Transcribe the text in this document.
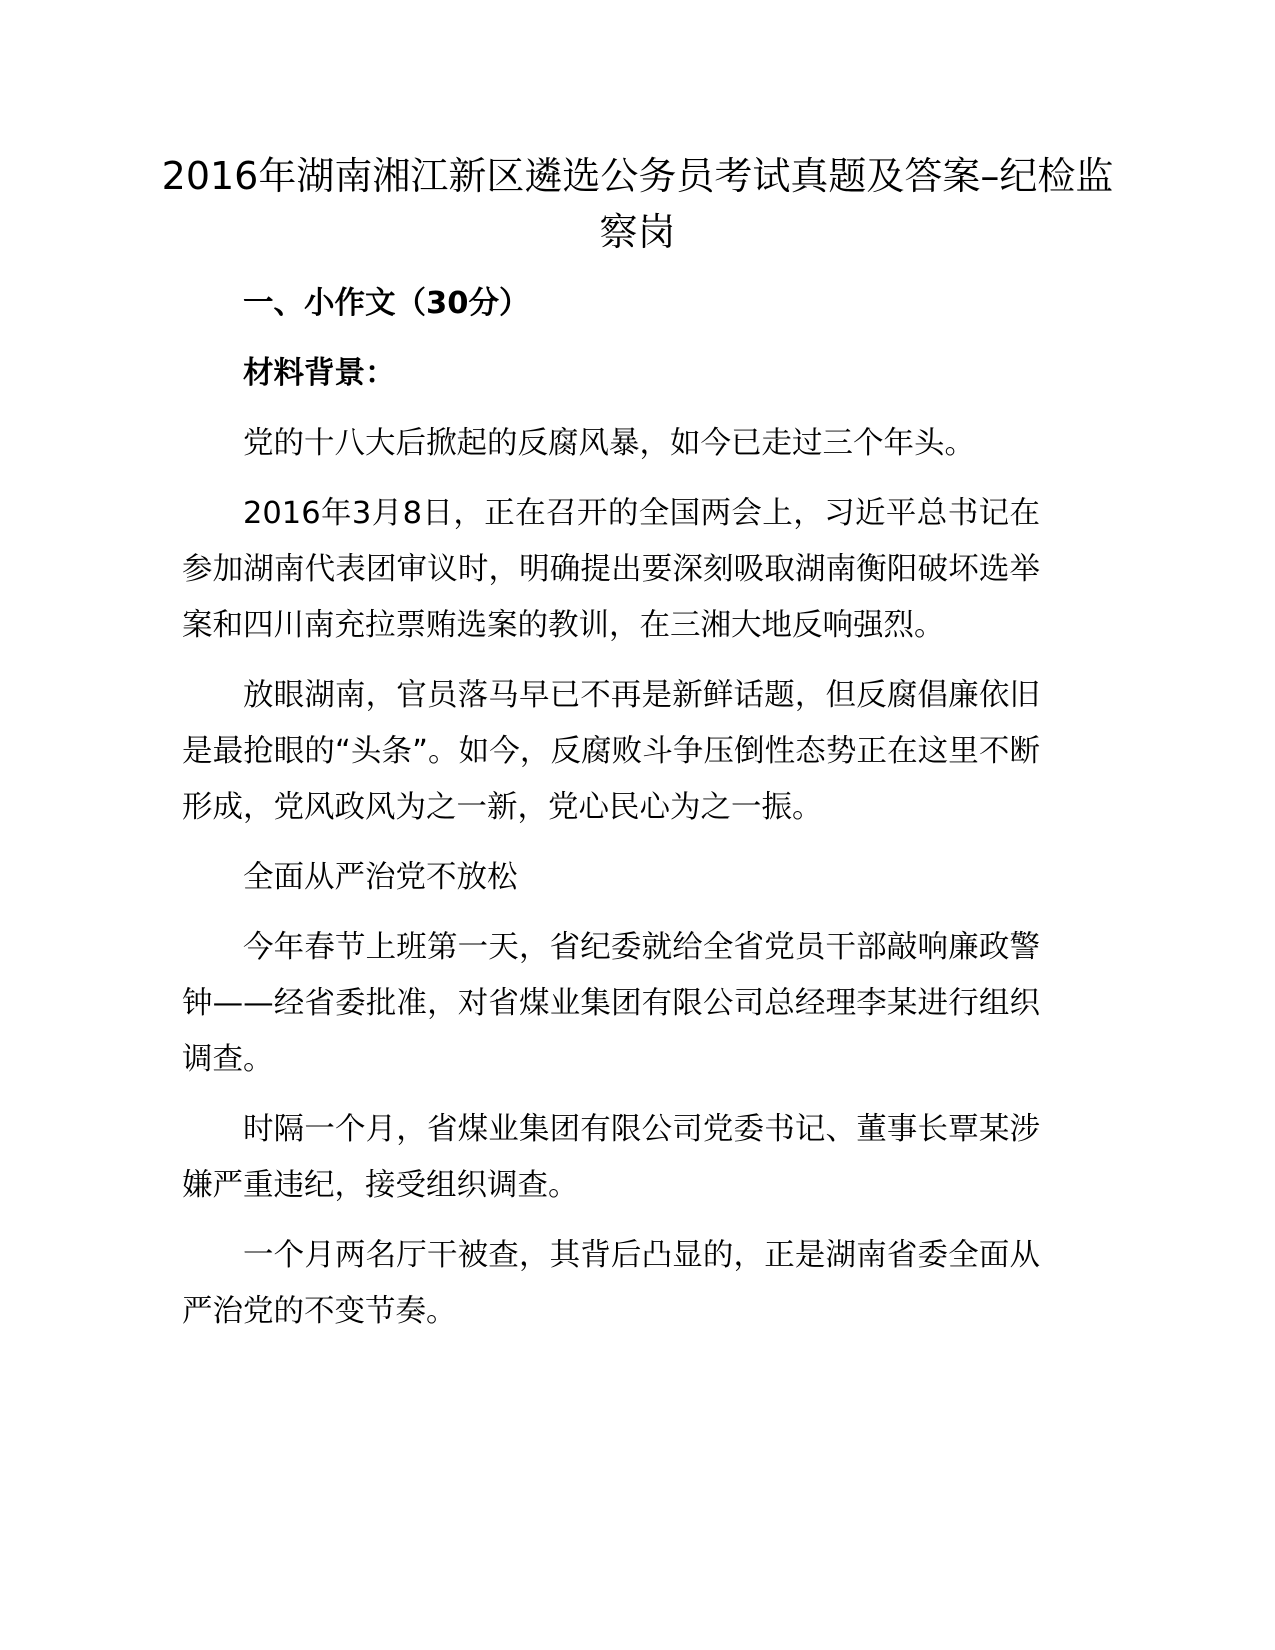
2016年湖南湘江新区遴选公务员考试真题及答案–纪检监察岗

一、小作文（30分）

材料背景：

党的十八大后掀起的反腐风暴，如今已走过三个年头。

2016年3月8日，正在召开的全国两会上，习近平总书记在参加湖南代表团审议时，明确提出要深刻吸取湖南衡阳破坏选举案和四川南充拉票贿选案的教训，在三湘大地反响强烈。

放眼湖南，官员落马早已不再是新鲜话题，但反腐倡廉依旧是最抢眼的“头条”。如今，反腐败斗争压倒性态势正在这里不断形成，党风政风为之一新，党心民心为之一振。

全面从严治党不放松

今年春节上班第一天，省纪委就给全省党员干部敲响廉政警钟——经省委批准，对省煤业集团有限公司总经理李某进行组织调查。

时隔一个月，省煤业集团有限公司党委书记、董事长覃某涉嫌严重违纪，接受组织调查。

一个月两名厅干被查，其背后凸显的，正是湖南省委全面从严治党的不变节奏。
